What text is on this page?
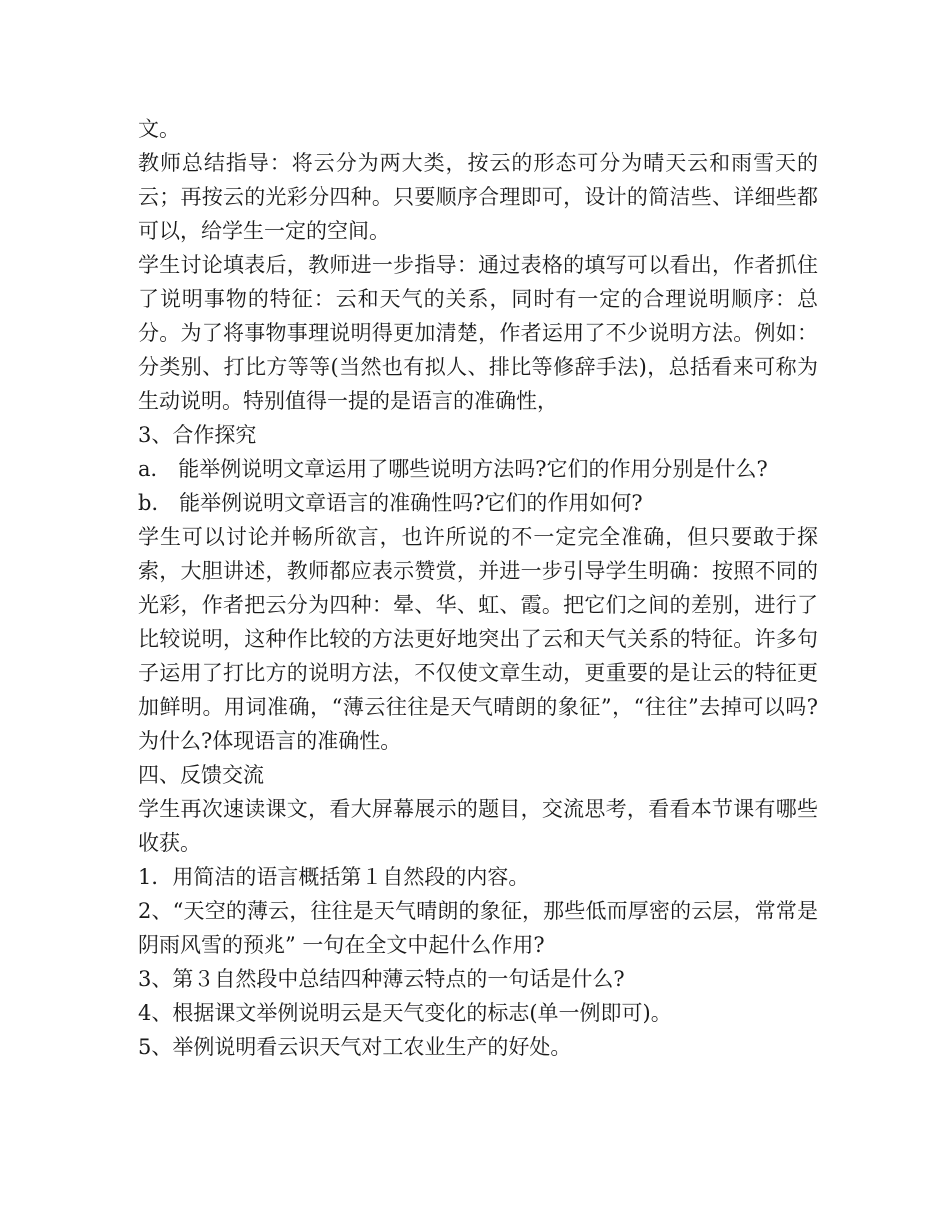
文。

教师总结指导：将云分为两大类，按云的形态可分为晴天云和雨雪天的云；再按云的光彩分四种。只要顺序合理即可，设计的简洁些、详细些都可以，给学生一定的空间。

学生讨论填表后，教师进一步指导：通过表格的填写可以看出，作者抓住了说明事物的特征：云和天气的关系，同时有一定的合理说明顺序：总分。为了将事物事理说明得更加清楚，作者运用了不少说明方法。例如：分类别、打比方等等(当然也有拟人、排比等修辞手法)，总括看来可称为生动说明。特别值得一提的是语言的准确性，

3、合作探究

a． 能举例说明文章运用了哪些说明方法吗?它们的作用分别是什么?

b． 能举例说明文章语言的准确性吗?它们的作用如何?

学生可以讨论并畅所欲言，也许所说的不一定完全准确，但只要敢于探索，大胆讲述，教师都应表示赞赏，并进一步引导学生明确：按照不同的光彩，作者把云分为四种：晕、华、虹、霞。把它们之间的差别，进行了比较说明，这种作比较的方法更好地突出了云和天气关系的特征。许多句子运用了打比方的说明方法，不仅使文章生动，更重要的是让云的特征更加鲜明。用词准确，“薄云往往是天气晴朗的象征”，“往往”去掉可以吗?为什么?体现语言的准确性。

四、反馈交流

学生再次速读课文，看大屏幕展示的题目，交流思考，看看本节课有哪些收获。

1．用简洁的语言概括第１自然段的内容。

2、“天空的薄云，往往是天气晴朗的象征，那些低而厚密的云层，常常是阴雨风雪的预兆” 一句在全文中起什么作用?

3、第３自然段中总结四种薄云特点的一句话是什么?

4、根据课文举例说明云是天气变化的标志(单一例即可)。

5、举例说明看云识天气对工农业生产的好处。
